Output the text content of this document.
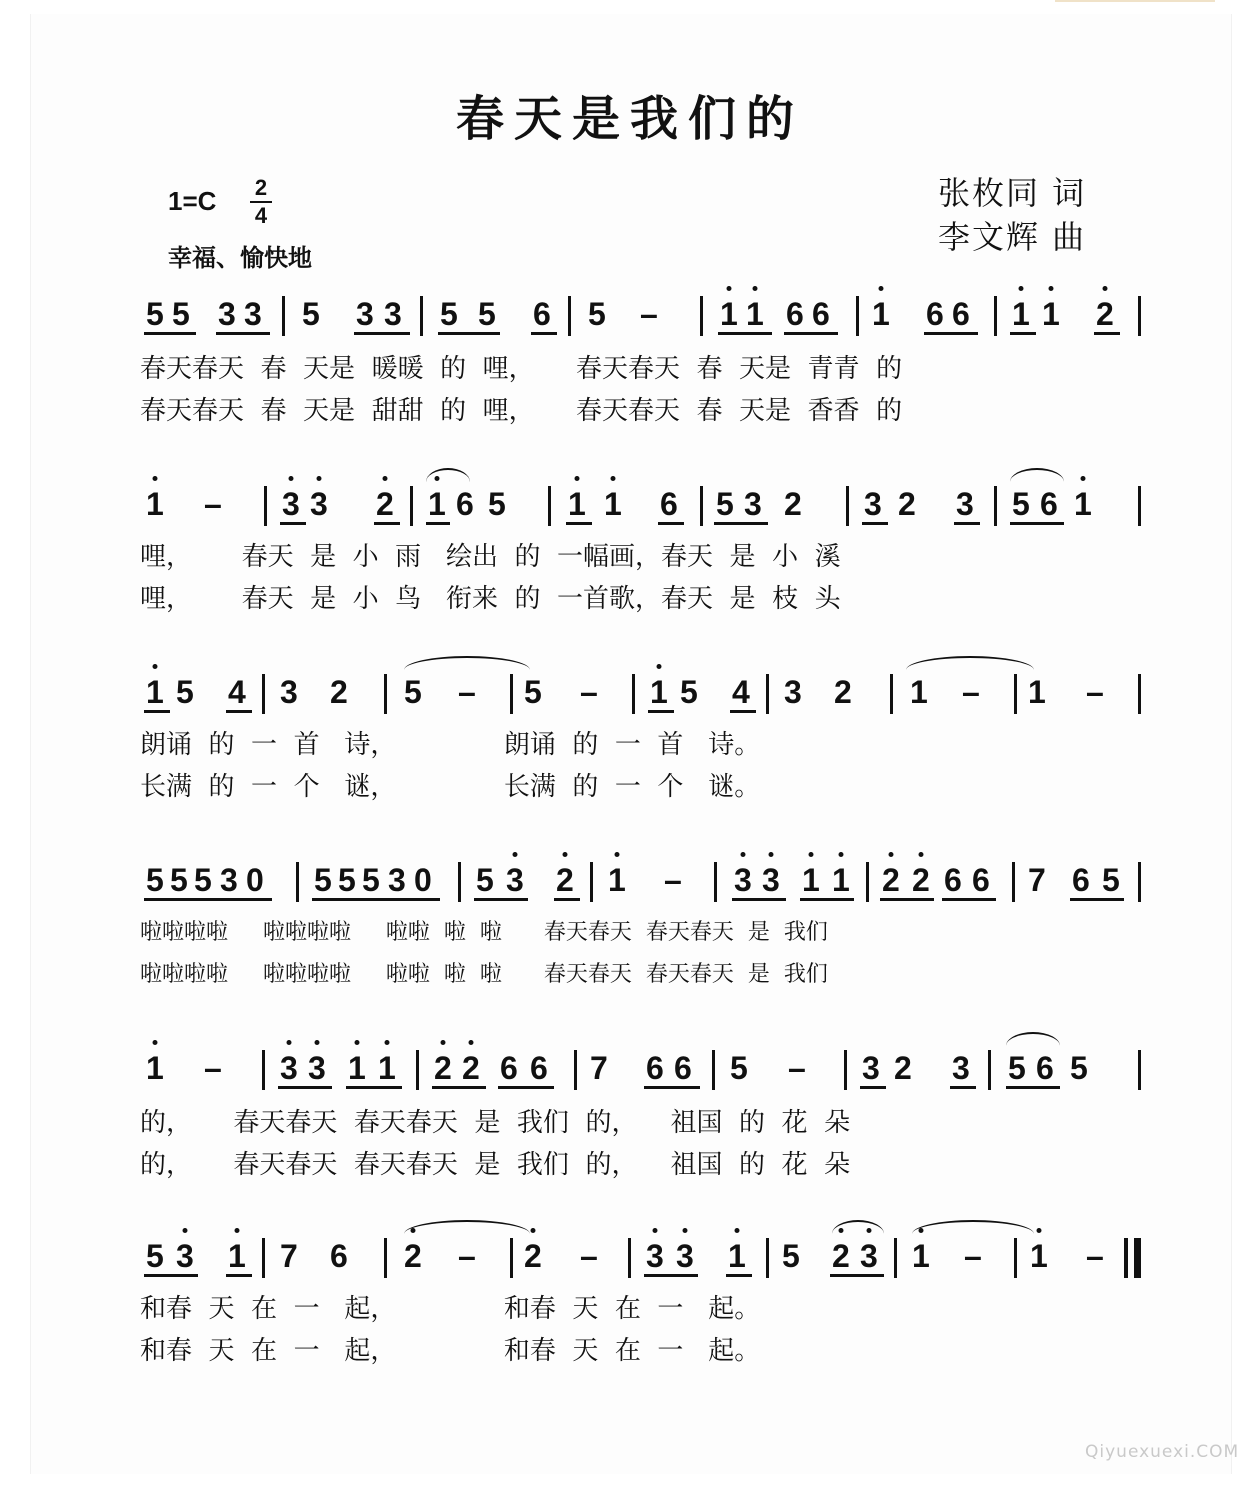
春天是我们的
1=C 2
4
幸福、愉快地
张枚同 词
李文辉 曲
5 5 3 3 5 3 3 5 5 6 5 – 1 1 6 6 1 6 6 1 1 2
春天春天  春  天是  暖暖  的  哩，     春天春天  春  天是  青青  的
春天春天  春  天是  甜甜  的  哩，     春天春天  春  天是  香香  的
1 – 3 3 2 1 6 5 1 1 6 5 3 2 3 2 3 5 6 1
哩，      春天  是  小  雨   绘出  的  一幅画，春天  是  小  溪
哩，      春天  是  小  鸟   衔来  的  一首歌，春天  是  枝  头
1 5 4 3 2 5 – 5 – 1 5 4 3 2 1 – 1 –
朗诵  的  一  首   诗，             朗诵  的  一  首   诗。
长满  的  一  个   谜，             长满  的  一  个   谜。
5 5 5 3 0 5 5 5 3 0 5 3 2 1 – 3 3 1 1 2 2 6 6 7 6 5
啦啦啦啦     啦啦啦啦     啦啦  啦  啦      春天春天  春天春天  是  我们
啦啦啦啦     啦啦啦啦     啦啦  啦  啦      春天春天  春天春天  是  我们
1 – 3 3 1 1 2 2 6 6 7 6 6 5 – 3 2 3 5 6 5
的，     春天春天  春天春天  是  我们  的，    祖国  的  花  朵
的，     春天春天  春天春天  是  我们  的，    祖国  的  花  朵
5 3 1 7 6 2 – 2 – 3 3 1 5 2 3 1 – 1 –
和春  天  在  一   起，             和春  天  在  一   起。
和春  天  在  一   起，             和春  天  在  一   起。
Qiyuexuexi.COM
